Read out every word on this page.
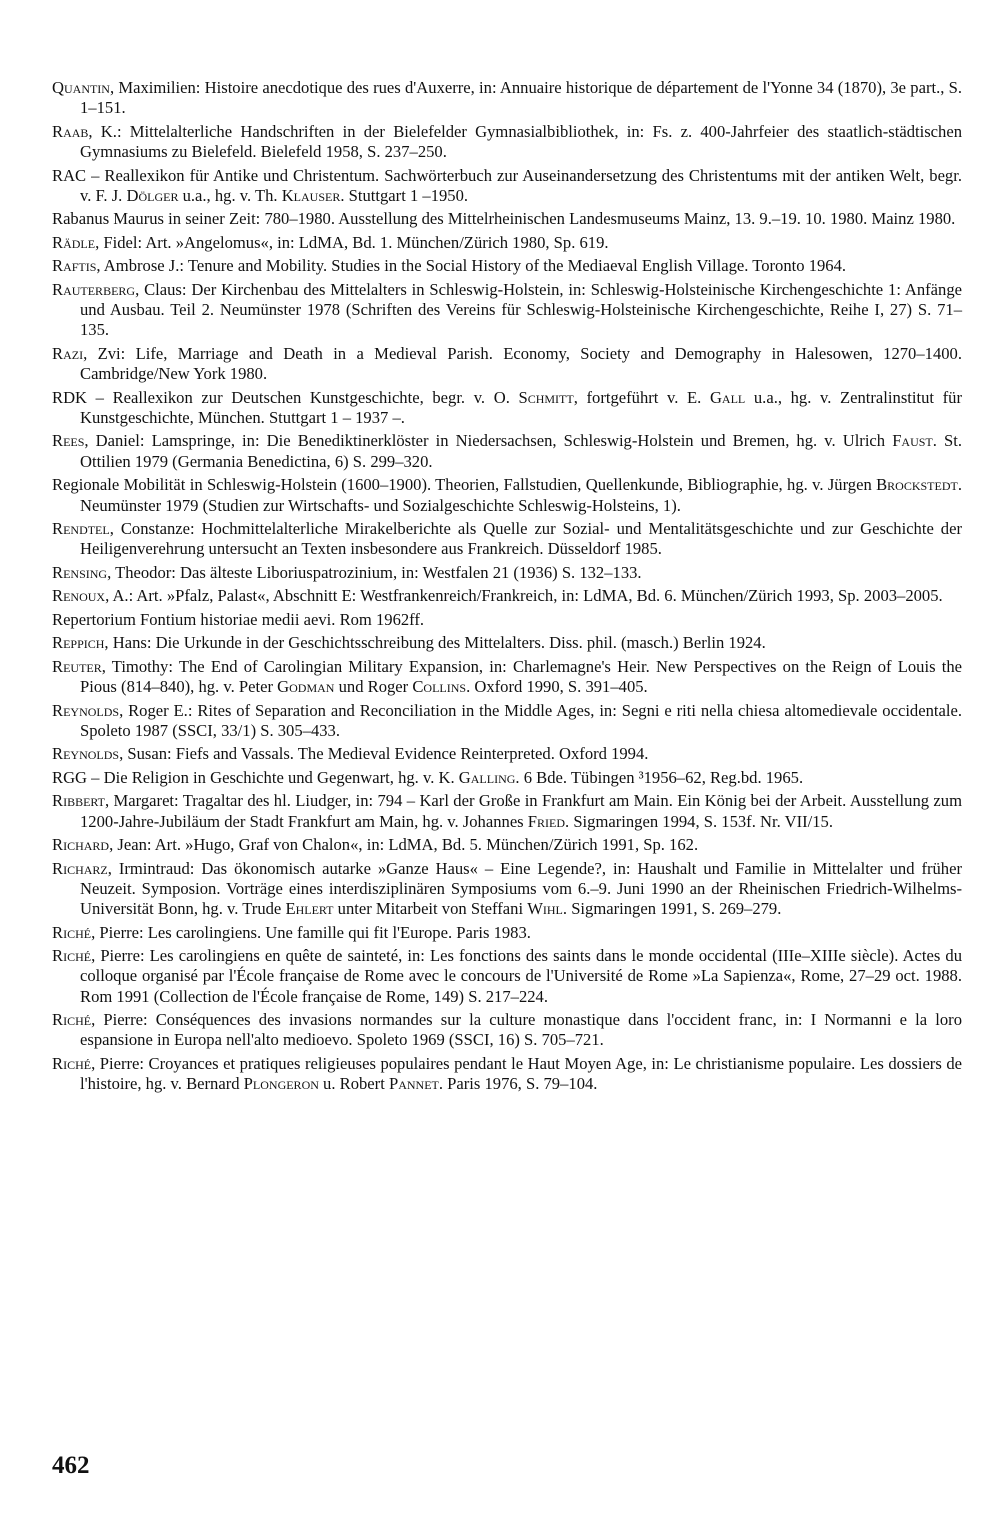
Quantin, Maximilien: Histoire anecdotique des rues d'Auxerre, in: Annuaire historique de département de l'Yonne 34 (1870), 3e part., S. 1–151.

Raab, K.: Mittelalterliche Handschriften in der Bielefelder Gymnasialbibliothek, in: Fs. z. 400-Jahrfeier des staatlich-städtischen Gymnasiums zu Bielefeld. Bielefeld 1958, S. 237–250.

RAC – Reallexikon für Antike und Christentum. Sachwörterbuch zur Auseinandersetzung des Christentums mit der antiken Welt, begr. v. F. J. Dölger u.a., hg. v. Th. Klauser. Stuttgart 1 –1950.

Rabanus Maurus in seiner Zeit: 780–1980. Ausstellung des Mittelrheinischen Landesmuseums Mainz, 13. 9.–19. 10. 1980. Mainz 1980.

Rädle, Fidel: Art. »Angelomus«, in: LdMA, Bd. 1. München/Zürich 1980, Sp. 619.

Raftis, Ambrose J.: Tenure and Mobility. Studies in the Social History of the Mediaeval English Village. Toronto 1964.

Rauterberg, Claus: Der Kirchenbau des Mittelalters in Schleswig-Holstein, in: Schleswig-Holsteinische Kirchengeschichte 1: Anfänge und Ausbau. Teil 2. Neumünster 1978 (Schriften des Vereins für Schleswig-Holsteinische Kirchengeschichte, Reihe I, 27) S. 71–135.

Razi, Zvi: Life, Marriage and Death in a Medieval Parish. Economy, Society and Demography in Halesowen, 1270–1400. Cambridge/New York 1980.

RDK – Reallexikon zur Deutschen Kunstgeschichte, begr. v. O. Schmitt, fortgeführt v. E. Gall u.a., hg. v. Zentralinstitut für Kunstgeschichte, München. Stuttgart 1 – 1937 –.

Rees, Daniel: Lamspringe, in: Die Benediktinerklöster in Niedersachsen, Schleswig-Holstein und Bremen, hg. v. Ulrich Faust. St. Ottilien 1979 (Germania Benedictina, 6) S. 299–320.

Regionale Mobilität in Schleswig-Holstein (1600–1900). Theorien, Fallstudien, Quellenkunde, Bibliographie, hg. v. Jürgen Brockstedt. Neumünster 1979 (Studien zur Wirtschafts- und Sozialgeschichte Schleswig-Holsteins, 1).

Rendtel, Constanze: Hochmittelalterliche Mirakelberichte als Quelle zur Sozial- und Mentalitätsgeschichte und zur Geschichte der Heiligenverehrung untersucht an Texten insbesondere aus Frankreich. Düsseldorf 1985.

Rensing, Theodor: Das älteste Liboriuspatrozinium, in: Westfalen 21 (1936) S. 132–133.

Renoux, A.: Art. »Pfalz, Palast«, Abschnitt E: Westfrankenreich/Frankreich, in: LdMA, Bd. 6. München/Zürich 1993, Sp. 2003–2005.

Repertorium Fontium historiae medii aevi. Rom 1962ff.

Reppich, Hans: Die Urkunde in der Geschichtsschreibung des Mittelalters. Diss. phil. (masch.) Berlin 1924.

Reuter, Timothy: The End of Carolingian Military Expansion, in: Charlemagne's Heir. New Perspectives on the Reign of Louis the Pious (814–840), hg. v. Peter Godman und Roger Collins. Oxford 1990, S. 391–405.

Reynolds, Roger E.: Rites of Separation and Reconciliation in the Middle Ages, in: Segni e riti nella chiesa altomedievale occidentale. Spoleto 1987 (SSCI, 33/1) S. 305–433.

Reynolds, Susan: Fiefs and Vassals. The Medieval Evidence Reinterpreted. Oxford 1994.

RGG – Die Religion in Geschichte und Gegenwart, hg. v. K. Galling. 6 Bde. Tübingen ³1956–62, Reg.bd. 1965.

Ribbert, Margaret: Tragaltar des hl. Liudger, in: 794 – Karl der Große in Frankfurt am Main. Ein König bei der Arbeit. Ausstellung zum 1200-Jahre-Jubiläum der Stadt Frankfurt am Main, hg. v. Johannes Fried. Sigmaringen 1994, S. 153f. Nr. VII/15.

Richard, Jean: Art. »Hugo, Graf von Chalon«, in: LdMA, Bd. 5. München/Zürich 1991, Sp. 162.

Richarz, Irmintraud: Das ökonomisch autarke »Ganze Haus« – Eine Legende?, in: Haushalt und Familie in Mittelalter und früher Neuzeit. Symposion. Vorträge eines interdisziplinären Symposiums vom 6.–9. Juni 1990 an der Rheinischen Friedrich-Wilhelms-Universität Bonn, hg. v. Trude Ehlert unter Mitarbeit von Steffani Wihl. Sigmaringen 1991, S. 269–279.

Riché, Pierre: Les carolingiens. Une famille qui fit l'Europe. Paris 1983.

Riché, Pierre: Les carolingiens en quête de sainteté, in: Les fonctions des saints dans le monde occidental (IIIe–XIIIe siècle). Actes du colloque organisé par l'École française de Rome avec le concours de l'Université de Rome »La Sapienza«, Rome, 27–29 oct. 1988. Rom 1991 (Collection de l'École française de Rome, 149) S. 217–224.

Riché, Pierre: Conséquences des invasions normandes sur la culture monastique dans l'occident franc, in: I Normanni e la loro espansione in Europa nell'alto medioevo. Spoleto 1969 (SSCI, 16) S. 705–721.

Riché, Pierre: Croyances et pratiques religieuses populaires pendant le Haut Moyen Age, in: Le christianisme populaire. Les dossiers de l'histoire, hg. v. Bernard Plongeron u. Robert Pannet. Paris 1976, S. 79–104.

462
